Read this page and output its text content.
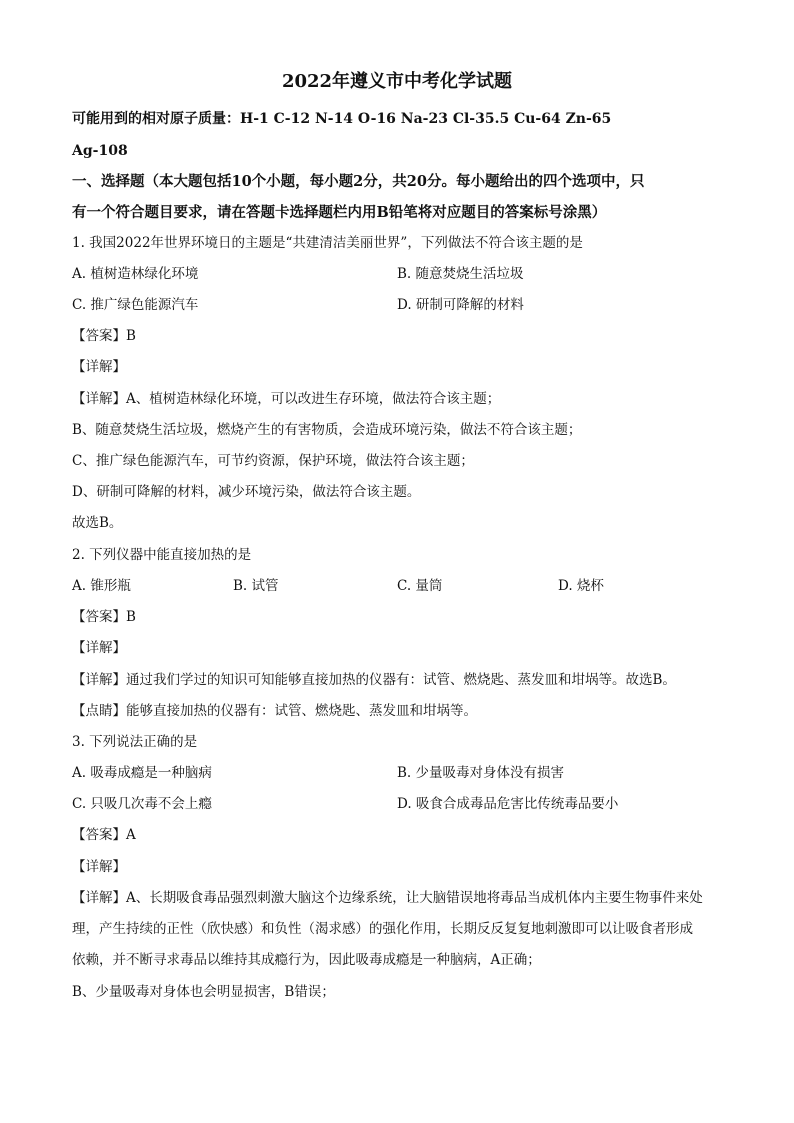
2022年遵义市中考化学试题
可能用到的相对原子质量：H-1 C-12 N-14 O-16 Na-23 Cl-35.5 Cu-64 Zn-65
Ag-108
一、选择题（本大题包括10个小题，每小题2分，共20分。每小题给出的四个选项中，只
有一个符合题目要求，请在答题卡选择题栏内用B铅笔将对应题目的答案标号涂黑）
1. 我国2022年世界环境日的主题是“共建清洁美丽世界”，下列做法不符合该主题的是
A. 植树造林绿化环境	B. 随意焚烧生活垃圾
C. 推广绿色能源汽车	D. 研制可降解的材料
【答案】B
【详解】
【详解】A、植树造林绿化环境，可以改进生存环境，做法符合该主题；
B、随意焚烧生活垃圾，燃烧产生的有害物质，会造成环境污染，做法不符合该主题；
C、推广绿色能源汽车，可节约资源，保护环境，做法符合该主题；
D、研制可降解的材料，减少环境污染，做法符合该主题。
故选B。
2. 下列仪器中能直接加热的是
A. 锥形瓶	B. 试管	C. 量筒	D. 烧杯
【答案】B
【详解】
【详解】通过我们学过的知识可知能够直接加热的仪器有：试管、燃烧匙、蒸发皿和坩埚等。故选B。
【点睛】能够直接加热的仪器有：试管、燃烧匙、蒸发皿和坩埚等。
3. 下列说法正确的是
A. 吸毒成瘾是一种脑病	B. 少量吸毒对身体没有损害
C. 只吸几次毒不会上瘾	D. 吸食合成毒品危害比传统毒品要小
【答案】A
【详解】
【详解】A、长期吸食毒品强烈刺激大脑这个边缘系统，让大脑错误地将毒品当成机体内主要生物事件来处
理，产生持续的正性（欣快感）和负性（渴求感）的强化作用，长期反反复复地刺激即可以让吸食者形成
依赖，并不断寻求毒品以维持其成瘾行为，因此吸毒成瘾是一种脑病，A正确；
B、少量吸毒对身体也会明显损害，B错误；
